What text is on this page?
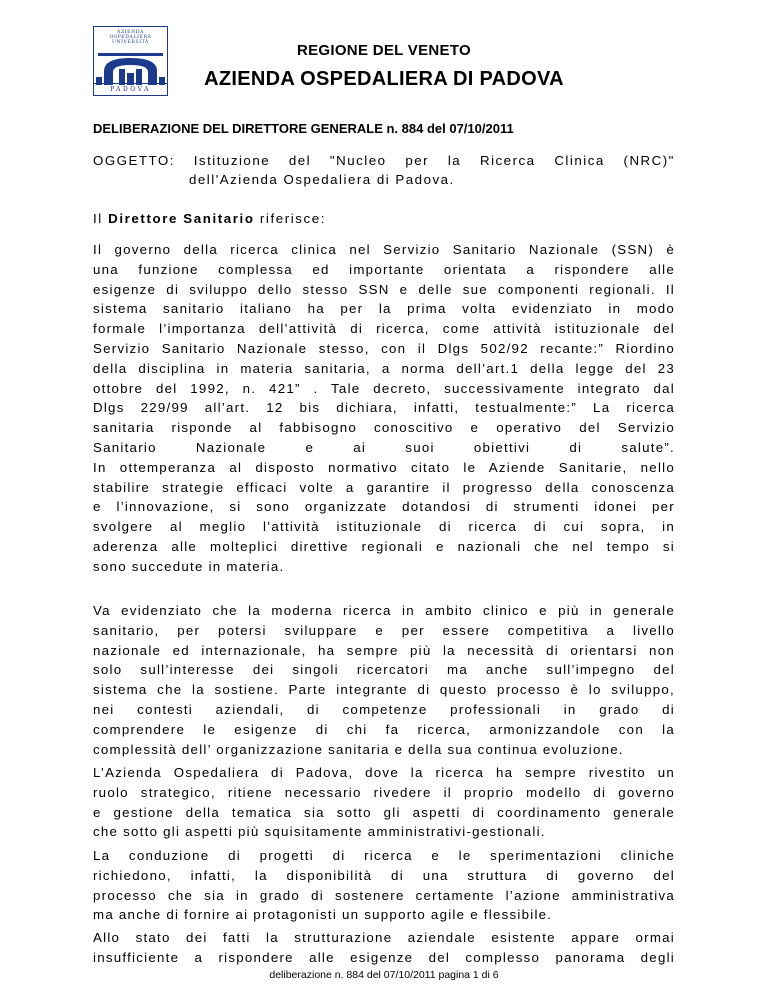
AZIENDA
OSPEDALIERA
UNIVERSITÀ
PADOVA
REGIONE DEL VENETO
AZIENDA OSPEDALIERA DI PADOVA
DELIBERAZIONE DEL DIRETTORE GENERALE n. 884 del 07/10/2011
OGGETTO: Istituzione del "Nucleo per la Ricerca Clinica (NRC)"
dell'Azienda Ospedaliera di Padova.
Il Direttore Sanitario riferisce:
Il governo della ricerca clinica nel Servizio Sanitario Nazionale (SSN) è
una funzione complessa ed importante orientata a rispondere alle
esigenze di sviluppo dello stesso SSN e delle sue componenti regionali. Il
sistema sanitario italiano ha per la prima volta evidenziato in modo
formale l’importanza dell’attività di ricerca, come attività istituzionale del
Servizio Sanitario Nazionale stesso, con il Dlgs 502/92 recante:” Riordino
della disciplina in materia sanitaria, a norma dell’art.1 della legge del 23
ottobre del 1992, n. 421” . Tale decreto, successivamente integrato dal
Dlgs 229/99 all’art. 12 bis dichiara, infatti, testualmente:” La ricerca
sanitaria risponde al fabbisogno conoscitivo e operativo del Servizio
Sanitario Nazionale e ai suoi obiettivi di salute”.
In ottemperanza al disposto normativo citato le Aziende Sanitarie, nello
stabilire strategie efficaci volte a garantire il progresso della conoscenza
e l’innovazione, si sono organizzate dotandosi di strumenti idonei per
svolgere al meglio l’attività istituzionale di ricerca di cui sopra, in
aderenza alle molteplici direttive regionali e nazionali che nel tempo si
sono succedute in materia.
Va evidenziato che la moderna ricerca in ambito clinico e più in generale
sanitario, per potersi sviluppare e per essere competitiva a livello
nazionale ed internazionale, ha sempre più la necessità di orientarsi non
solo sull’interesse dei singoli ricercatori ma anche sull’impegno del
sistema che la sostiene. Parte integrante di questo processo è lo sviluppo,
nei contesti aziendali, di competenze professionali in grado di
comprendere le esigenze di chi fa ricerca, armonizzandole con la
complessità dell’ organizzazione sanitaria e della sua continua evoluzione.
L’Azienda Ospedaliera di Padova, dove la ricerca ha sempre rivestito un
ruolo strategico, ritiene necessario rivedere il proprio modello di governo
e gestione della tematica sia sotto gli aspetti di coordinamento generale
che sotto gli aspetti più squisitamente amministrativi-gestionali.
La conduzione di progetti di ricerca e le sperimentazioni cliniche
richiedono, infatti, la disponibilità di una struttura di governo del
processo che sia in grado di sostenere certamente l’azione amministrativa
ma anche di fornire ai protagonisti un supporto agile e flessibile.
Allo stato dei fatti la strutturazione aziendale esistente appare ormai
insufficiente a rispondere alle esigenze del complesso panorama degli
deliberazione n. 884 del 07/10/2011 pagina 1 di 6
